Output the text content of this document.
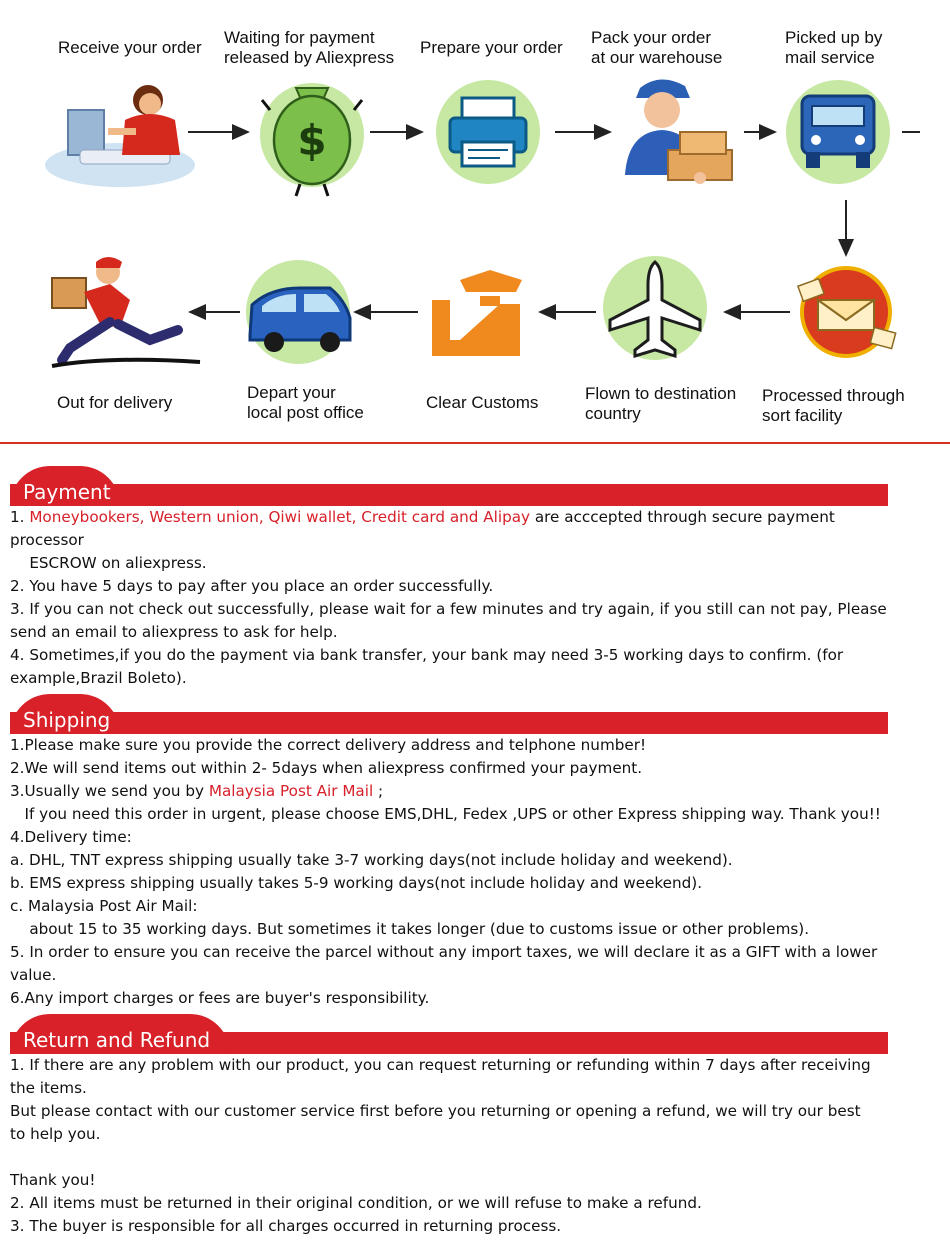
Receive your order
Waiting for payment
released by Aliexpress
Prepare your order
Pack your order
at our warehouse
Picked up by
mail service
Processed through
sort facility
Flown to destination
country
Clear Customs
Depart your
local post office
Out for delivery
$
Payment
1. Moneybookers, Western union, Qiwi wallet, Credit card and Alipay are acccepted through secure payment
processor
ESCROW on aliexpress.
2. You have 5 days to pay after you place an order successfully.
3. If you can not check out successfully, please wait for a few minutes and try again, if you still can not pay, Please
send an email to aliexpress to ask for help.
4. Sometimes,if you do the payment via bank transfer, your bank may need 3-5 working days to confirm. (for
example,Brazil Boleto).
Shipping
1.Please make sure you provide the correct delivery address and telphone number!
2.We will send items out within 2- 5days when aliexpress confirmed your payment.
3.Usually we send you by Malaysia Post Air Mail ;
If you need this order in urgent, please choose EMS,DHL, Fedex ,UPS or other Express shipping way. Thank you!!
4.Delivery time:
a. DHL, TNT express shipping usually take 3-7 working days(not include holiday and weekend).
b. EMS express shipping usually takes 5-9 working days(not include holiday and weekend).
c. Malaysia Post Air Mail:
about 15 to 35 working days. But sometimes it takes longer (due to customs issue or other problems).
5. In order to ensure you can receive the parcel without any import taxes, we will declare it as a GIFT with a lower
value.
6.Any import charges or fees are buyer's responsibility.
Return and Refund
1. If there are any problem with our product, you can request returning or refunding within 7 days after receiving
the items.
But please contact with our customer service first before you returning or opening a refund, we will try our best
to help you.

Thank you!
2. All items must be returned in their original condition, or we will refuse to make a refund.
3. The buyer is responsible for all charges occurred in returning process.
